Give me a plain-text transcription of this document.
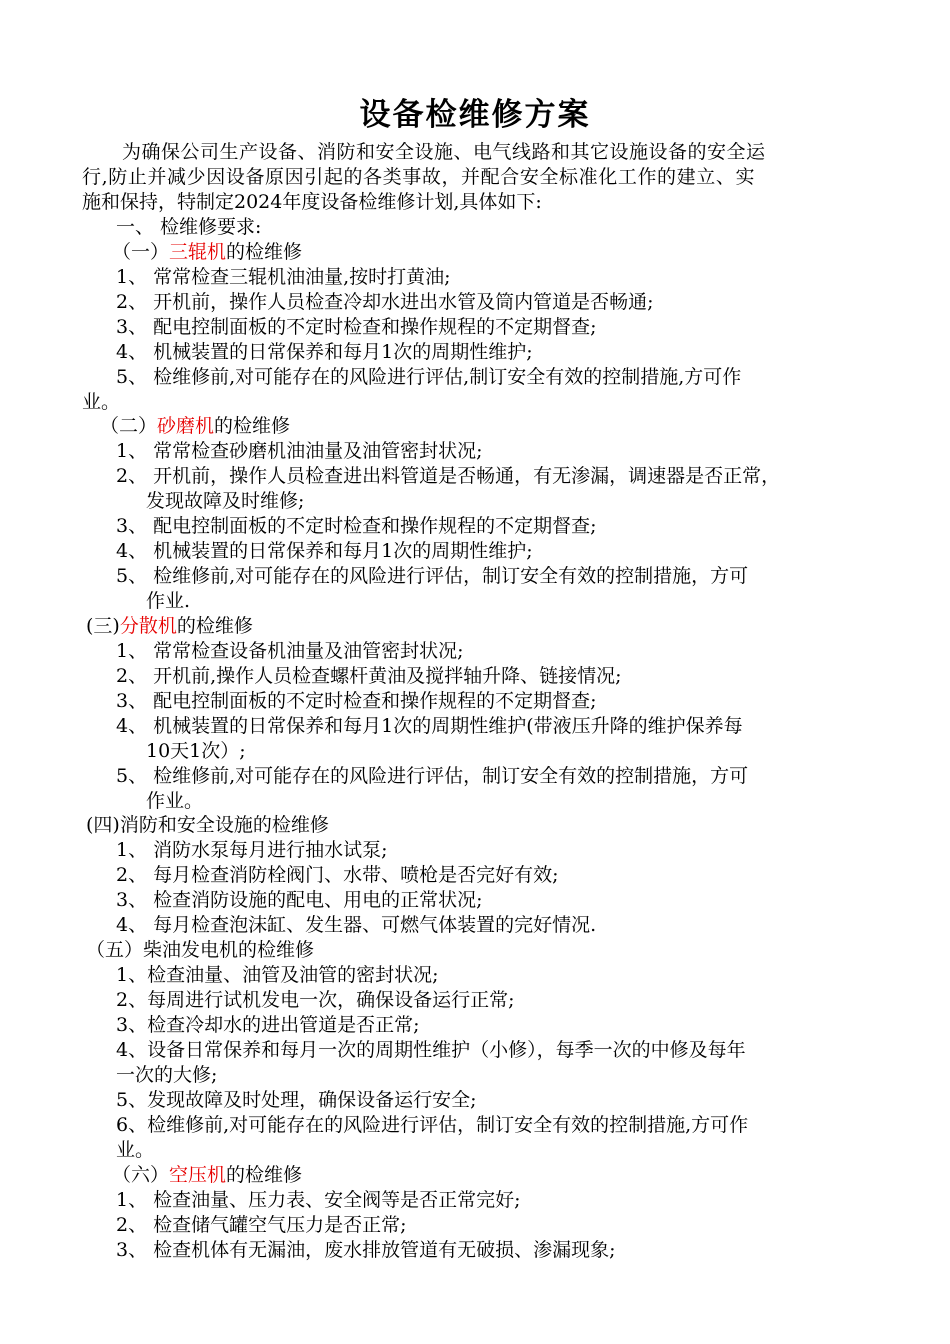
设备检维修方案
为确保公司生产设备、消防和安全设施、电气线路和其它设施设备的安全运
行,防止并减少因设备原因引起的各类事故，并配合安全标准化工作的建立、实
施和保持，特制定2024年度设备检维修计划,具体如下:
一、 检维修要求:
（一）三辊机的检维修
1、 常常检查三辊机油油量,按时打黄油;
2、 开机前，操作人员检查冷却水进出水管及筒内管道是否畅通;
3、 配电控制面板的不定时检查和操作规程的不定期督查;
4、 机械装置的日常保养和每月1次的周期性维护;
5、 检维修前,对可能存在的风险进行评估,制订安全有效的控制措施,方可作
业。
（二）砂磨机的检维修
1、 常常检查砂磨机油油量及油管密封状况;
2、 开机前，操作人员检查进出料管道是否畅通，有无渗漏，调速器是否正常，
发现故障及时维修;
3、 配电控制面板的不定时检查和操作规程的不定期督查;
4、 机械装置的日常保养和每月1次的周期性维护;
5、 检维修前,对可能存在的风险进行评估，制订安全有效的控制措施，方可
作业.
(三)分散机的检维修
1、 常常检查设备机油量及油管密封状况;
2、 开机前,操作人员检查螺杆黄油及搅拌轴升降、链接情况;
3、 配电控制面板的不定时检查和操作规程的不定期督查;
4、 机械装置的日常保养和每月1次的周期性维护(带液压升降的维护保养每
10天1次）;
5、 检维修前,对可能存在的风险进行评估，制订安全有效的控制措施，方可
作业。
(四)消防和安全设施的检维修
1、 消防水泵每月进行抽水试泵;
2、 每月检查消防栓阀门、水带、喷枪是否完好有效;
3、 检查消防设施的配电、用电的正常状况;
4、 每月检查泡沫缸、发生器、可燃气体装置的完好情况.
（五）柴油发电机的检维修
1、检查油量、油管及油管的密封状况;
2、每周进行试机发电一次，确保设备运行正常;
3、检查冷却水的进出管道是否正常;
4、设备日常保养和每月一次的周期性维护（小修），每季一次的中修及每年
一次的大修;
5、发现故障及时处理，确保设备运行安全;
6、检维修前,对可能存在的风险进行评估，制订安全有效的控制措施,方可作
业。
（六）空压机的检维修
1、 检查油量、压力表、安全阀等是否正常完好;
2、 检查储气罐空气压力是否正常;
3、 检查机体有无漏油，废水排放管道有无破损、渗漏现象;
